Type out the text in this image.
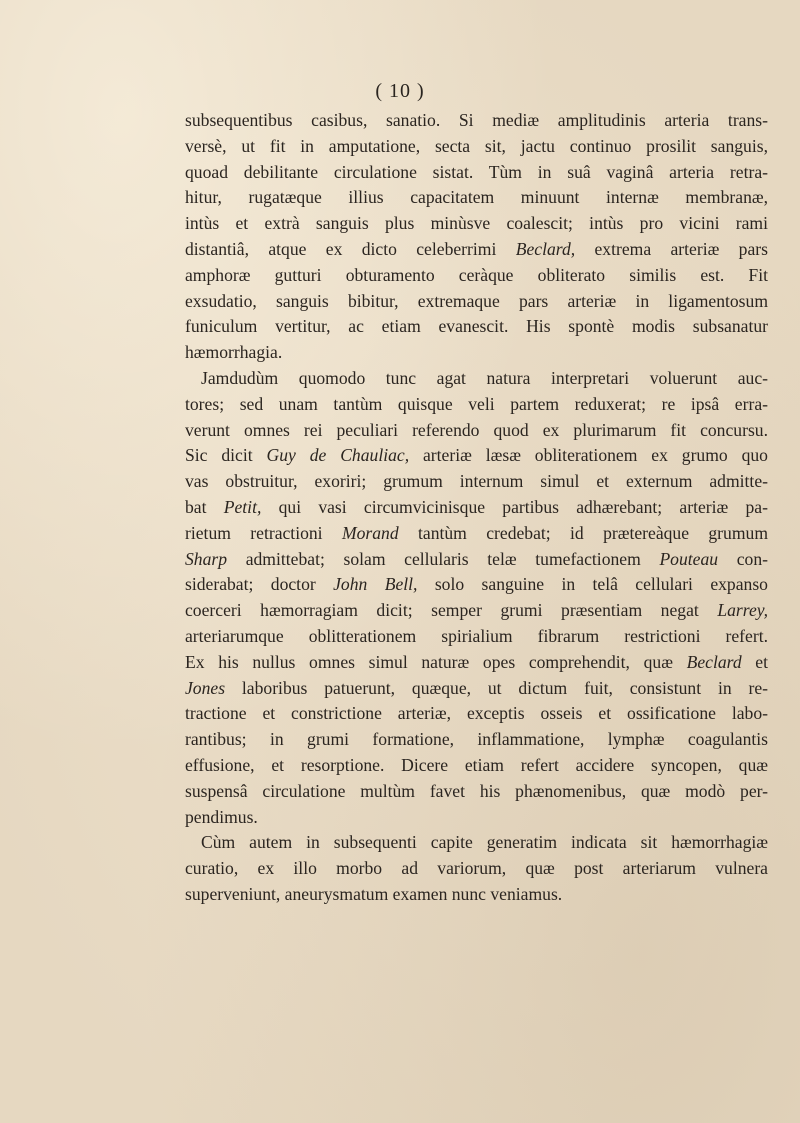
( 10 )
subsequentibus casibus, sanatio. Si mediæ amplitudinis arteria trans-
versè, ut fit in amputatione, secta sit, jactu continuo prosilit sanguis,
quoad debilitante circulatione sistat. Tùm in suâ vaginâ arteria retra-
hitur, rugatæque illius capacitatem minuunt internæ membranæ,
intùs et extrà sanguis plus minùsve coalescit; intùs pro vicini rami
distantiâ, atque ex dicto celeberrimi Beclard, extrema arteriæ pars
amphoræ gutturi obturamento ceràque obliterato similis est. Fit
exsudatio, sanguis bibitur, extremaque pars arteriæ in ligamentosum
funiculum vertitur, ac etiam evanescit. His spontè modis subsanatur
hæmorrhagia.
Jamdudùm quomodo tunc agat natura interpretari voluerunt auc-
tores; sed unam tantùm quisque veli partem reduxerat; re ipsâ erra-
verunt omnes rei peculiari referendo quod ex plurimarum fit concursu.
Sic dicit Guy de Chauliac, arteriæ læsæ obliterationem ex grumo quo
vas obstruitur, exoriri; grumum internum simul et externum admitte-
bat Petit, qui vasi circumvicinisque partibus adhærebant; arteriæ pa-
rietum retractioni Morand tantùm credebat; id prætereàque grumum
Sharp admittebat; solam cellularis telæ tumefactionem Pouteau con-
siderabat; doctor John Bell, solo sanguine in telâ cellulari expanso
coerceri hæmorragiam dicit; semper grumi præsentiam negat Larrey,
arteriarumque oblitterationem spirialium fibrarum restrictioni refert.
Ex his nullus omnes simul naturæ opes comprehendit, quæ Beclard et
Jones laboribus patuerunt, quæque, ut dictum fuit, consistunt in re-
tractione et constrictione arteriæ, exceptis osseis et ossificatione labo-
rantibus; in grumi formatione, inflammatione, lymphæ coagulantis
effusione, et resorptione. Dicere etiam refert accidere syncopen, quæ
suspensâ circulatione multùm favet his phænomenibus, quæ modò per-
pendimus.
Cùm autem in subsequenti capite generatim indicata sit hæmorrhagiæ
curatio, ex illo morbo ad variorum, quæ post arteriarum vulnera
superveniunt, aneurysmatum examen nunc veniamus.
